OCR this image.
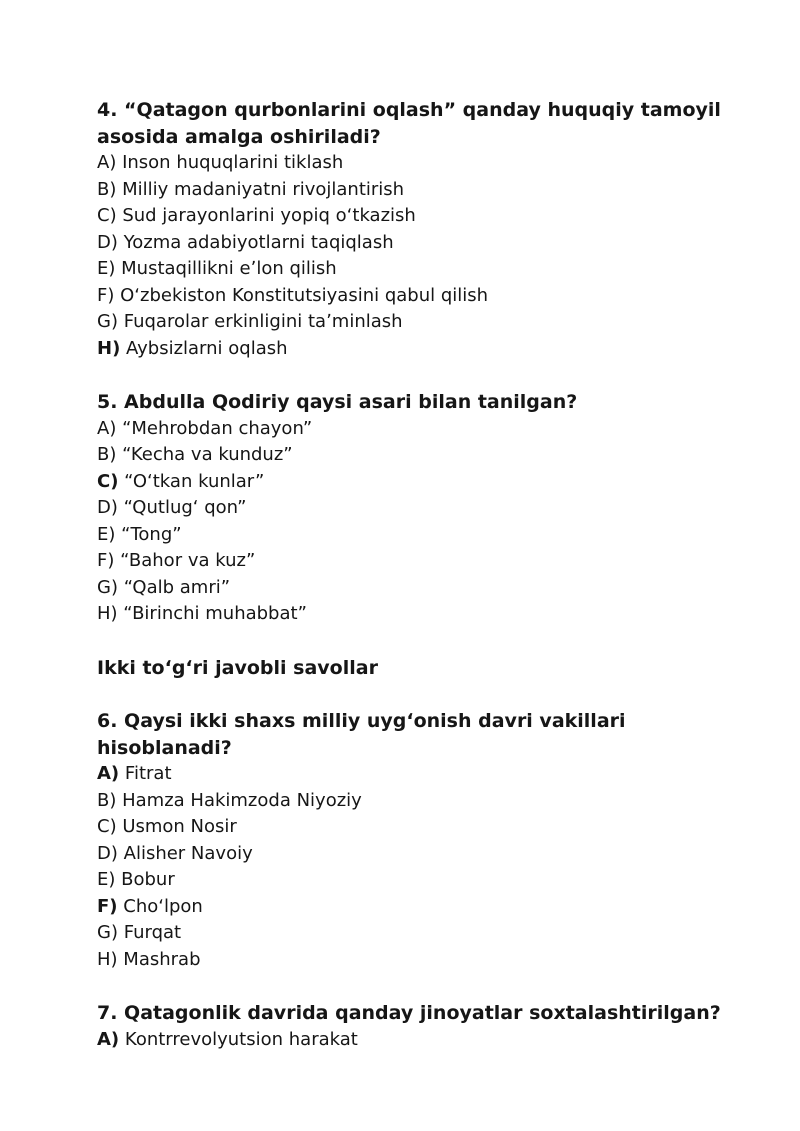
4. “Qatagon qurbonlarini oqlash” qanday huquqiy tamoyil asosida amalga oshiriladi?

A) Inson huquqlarini tiklash
B) Milliy madaniyatni rivojlantirish
C) Sud jarayonlarini yopiq oʻtkazish
D) Yozma adabiyotlarni taqiqlash
E) Mustaqillikni eʼlon qilish
F) Oʻzbekiston Konstitutsiyasini qabul qilish
G) Fuqarolar erkinligini taʼminlash
H) Aybsizlarni oqlash

5. Abdulla Qodiriy qaysi asari bilan tanilgan?

A) “Mehrobdan chayon”
B) “Kecha va kunduz”
C) “O‘tkan kunlar”
D) “Qutlug‘ qon”
E) “Tong”
F) “Bahor va kuz”
G) “Qalb amri”
H) “Birinchi muhabbat”

Ikki toʻgʻri javobli savollar

6. Qaysi ikki shaxs milliy uygʻonish davri vakillari hisoblanadi?

A) Fitrat
B) Hamza Hakimzoda Niyoziy
C) Usmon Nosir
D) Alisher Navoiy
E) Bobur
F) Choʻlpon
G) Furqat
H) Mashrab

7. Qatagonlik davrida qanday jinoyatlar soxtalashtirilgan?

A) Kontrrevolyutsion harakat
